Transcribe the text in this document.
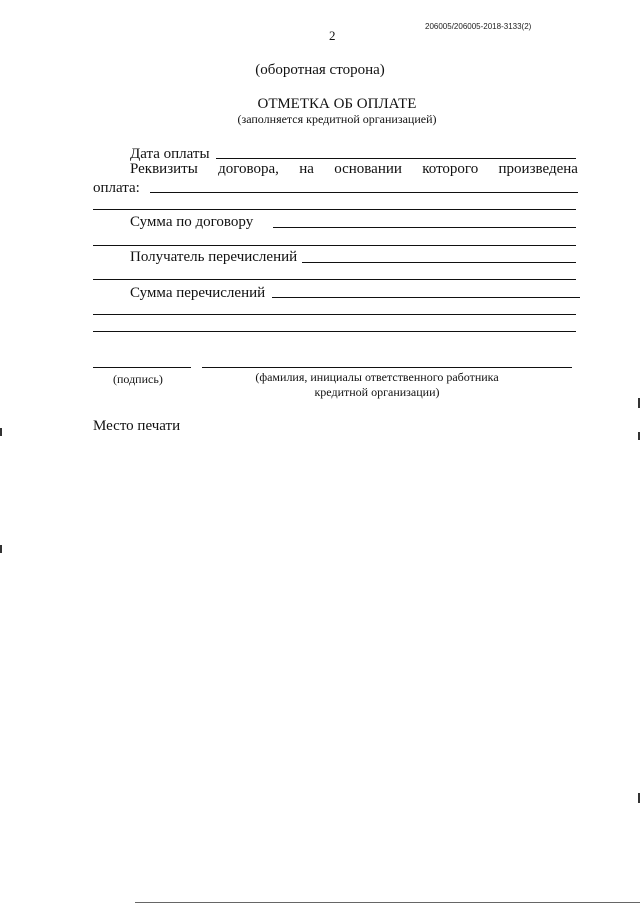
206005/206005-2018-3133(2)
2
(оборотная сторона)
ОТМЕТКА ОБ ОПЛАТЕ
(заполняется кредитной организацией)
Дата оплаты
Реквизиты договора, на основании которого произведена
оплата:
Сумма по договору
Получатель перечислений
Сумма перечислений
(подпись)	(фамилия, инициалы ответственного работника
кредитной организации)
Место печати
